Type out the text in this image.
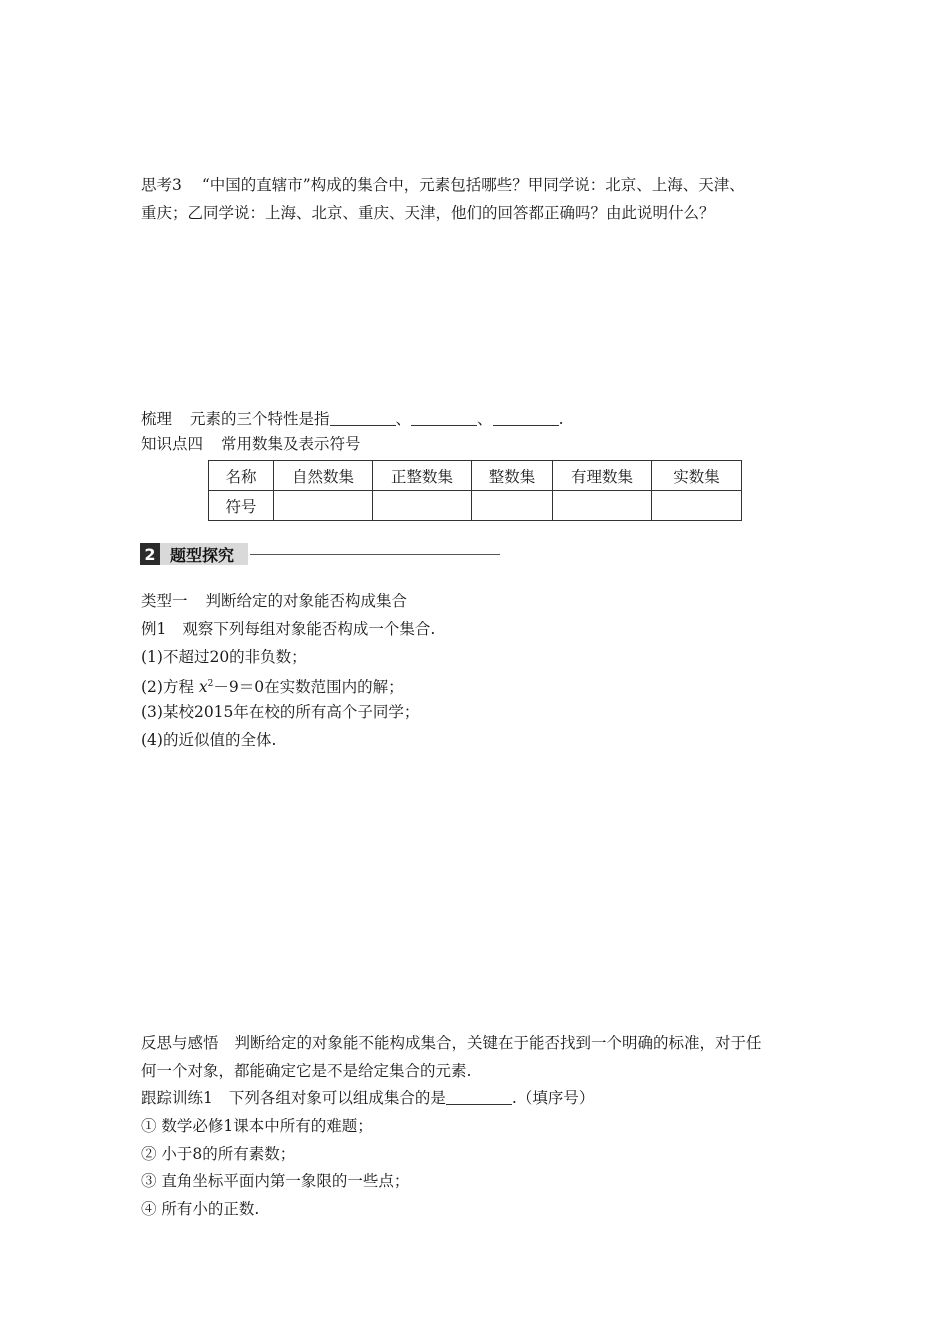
思考3 “中国的直辖市”构成的集合中，元素包括哪些？甲同学说：北京、上海、天津、
重庆；乙同学说：上海、北京、重庆、天津，他们的回答都正确吗？由此说明什么？
梳理 元素的三个特性是指	、	、	.
知识点四 常用数集及表示符号
名称	自然数集	正整数集	整数集	有理数集	实数集
符号					
2 题型探究
类型一 判断给定的对象能否构成集合
例1 观察下列每组对象能否构成一个集合.
(1)不超过20的非负数；
(2)方程 $x^2-9=0$在实数范围内的解；
(3)某校2015年在校的所有高个子同学；
(4)的近似值的全体.
反思与感悟 判断给定的对象能不能构成集合，关键在于能否找到一个明确的标准，对于任
何一个对象，都能确定它是不是给定集合的元素.
跟踪训练1 下列各组对象可以组成集合的是	.（填序号）
① 数学必修1课本中所有的难题；
② 小于8的所有素数；
③ 直角坐标平面内第一象限的一些点；
④ 所有小的正数.
